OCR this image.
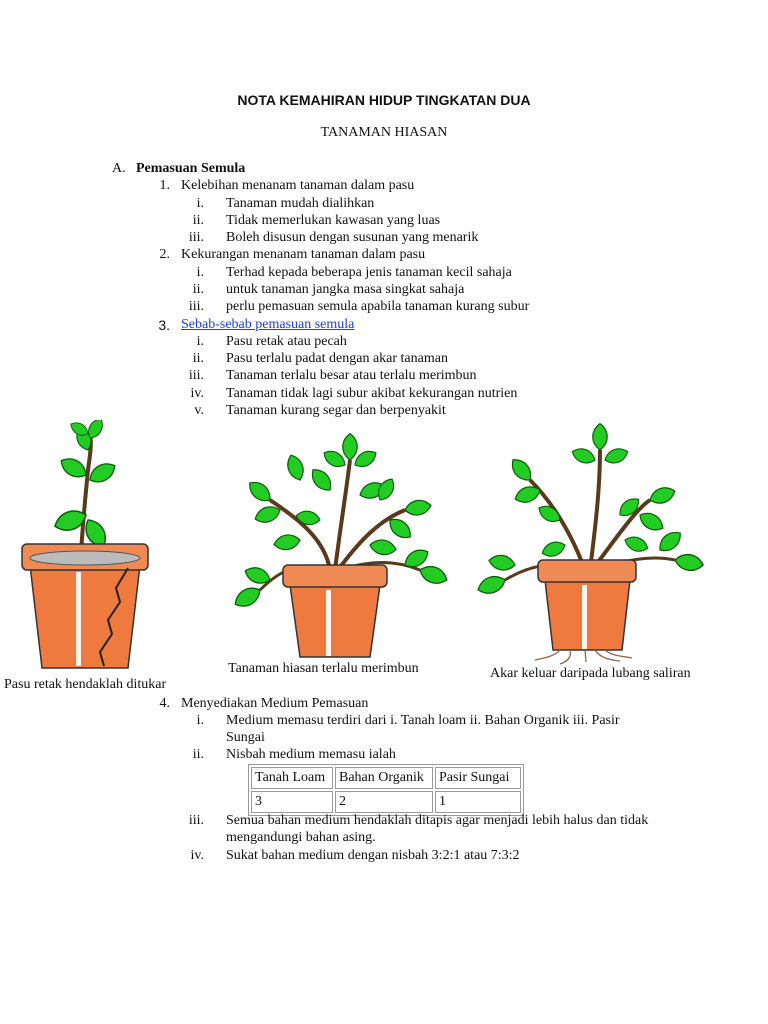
NOTA KEMAHIRAN HIDUP TINGKATAN DUA
TANAMAN HIASAN
A. Pemasuan Semula
1. Kelebihan menanam tanaman dalam pasu
i. Tanaman mudah dialihkan
ii. Tidak memerlukan kawasan yang luas
iii. Boleh disusun dengan susunan yang menarik
2. Kekurangan menanam tanaman dalam pasu
i. Terhad kepada beberapa jenis tanaman kecil sahaja
ii. untuk tanaman jangka masa singkat sahaja
iii. perlu pemasuan semula apabila tanaman kurang subur
3. Sebab-sebab pemasuan semula
i. Pasu retak atau pecah
ii. Pasu terlalu padat dengan akar tanaman
iii. Tanaman terlalu besar atau terlalu merimbun
iv. Tanaman tidak lagi subur akibat kekurangan nutrien
v. Tanaman kurang segar dan berpenyakit
Pasu retak hendaklah ditukar
Tanaman hiasan terlalu merimbun	Akar keluar daripada lubang saliran
4. Menyediakan Medium Pemasuan
i. Medium memasu terdiri dari i. Tanah loam ii. Bahan Organik iii. Pasir
Sungai
ii. Nisbah medium memasu ialah
Tanah Loam	Bahan Organik	Pasir Sungai
3	2	1
iii. Semua bahan medium hendaklah ditapis agar menjadi lebih halus dan tidak
mengandungi bahan asing.
iv. Sukat bahan medium dengan nisbah 3:2:1 atau 7:3:2
